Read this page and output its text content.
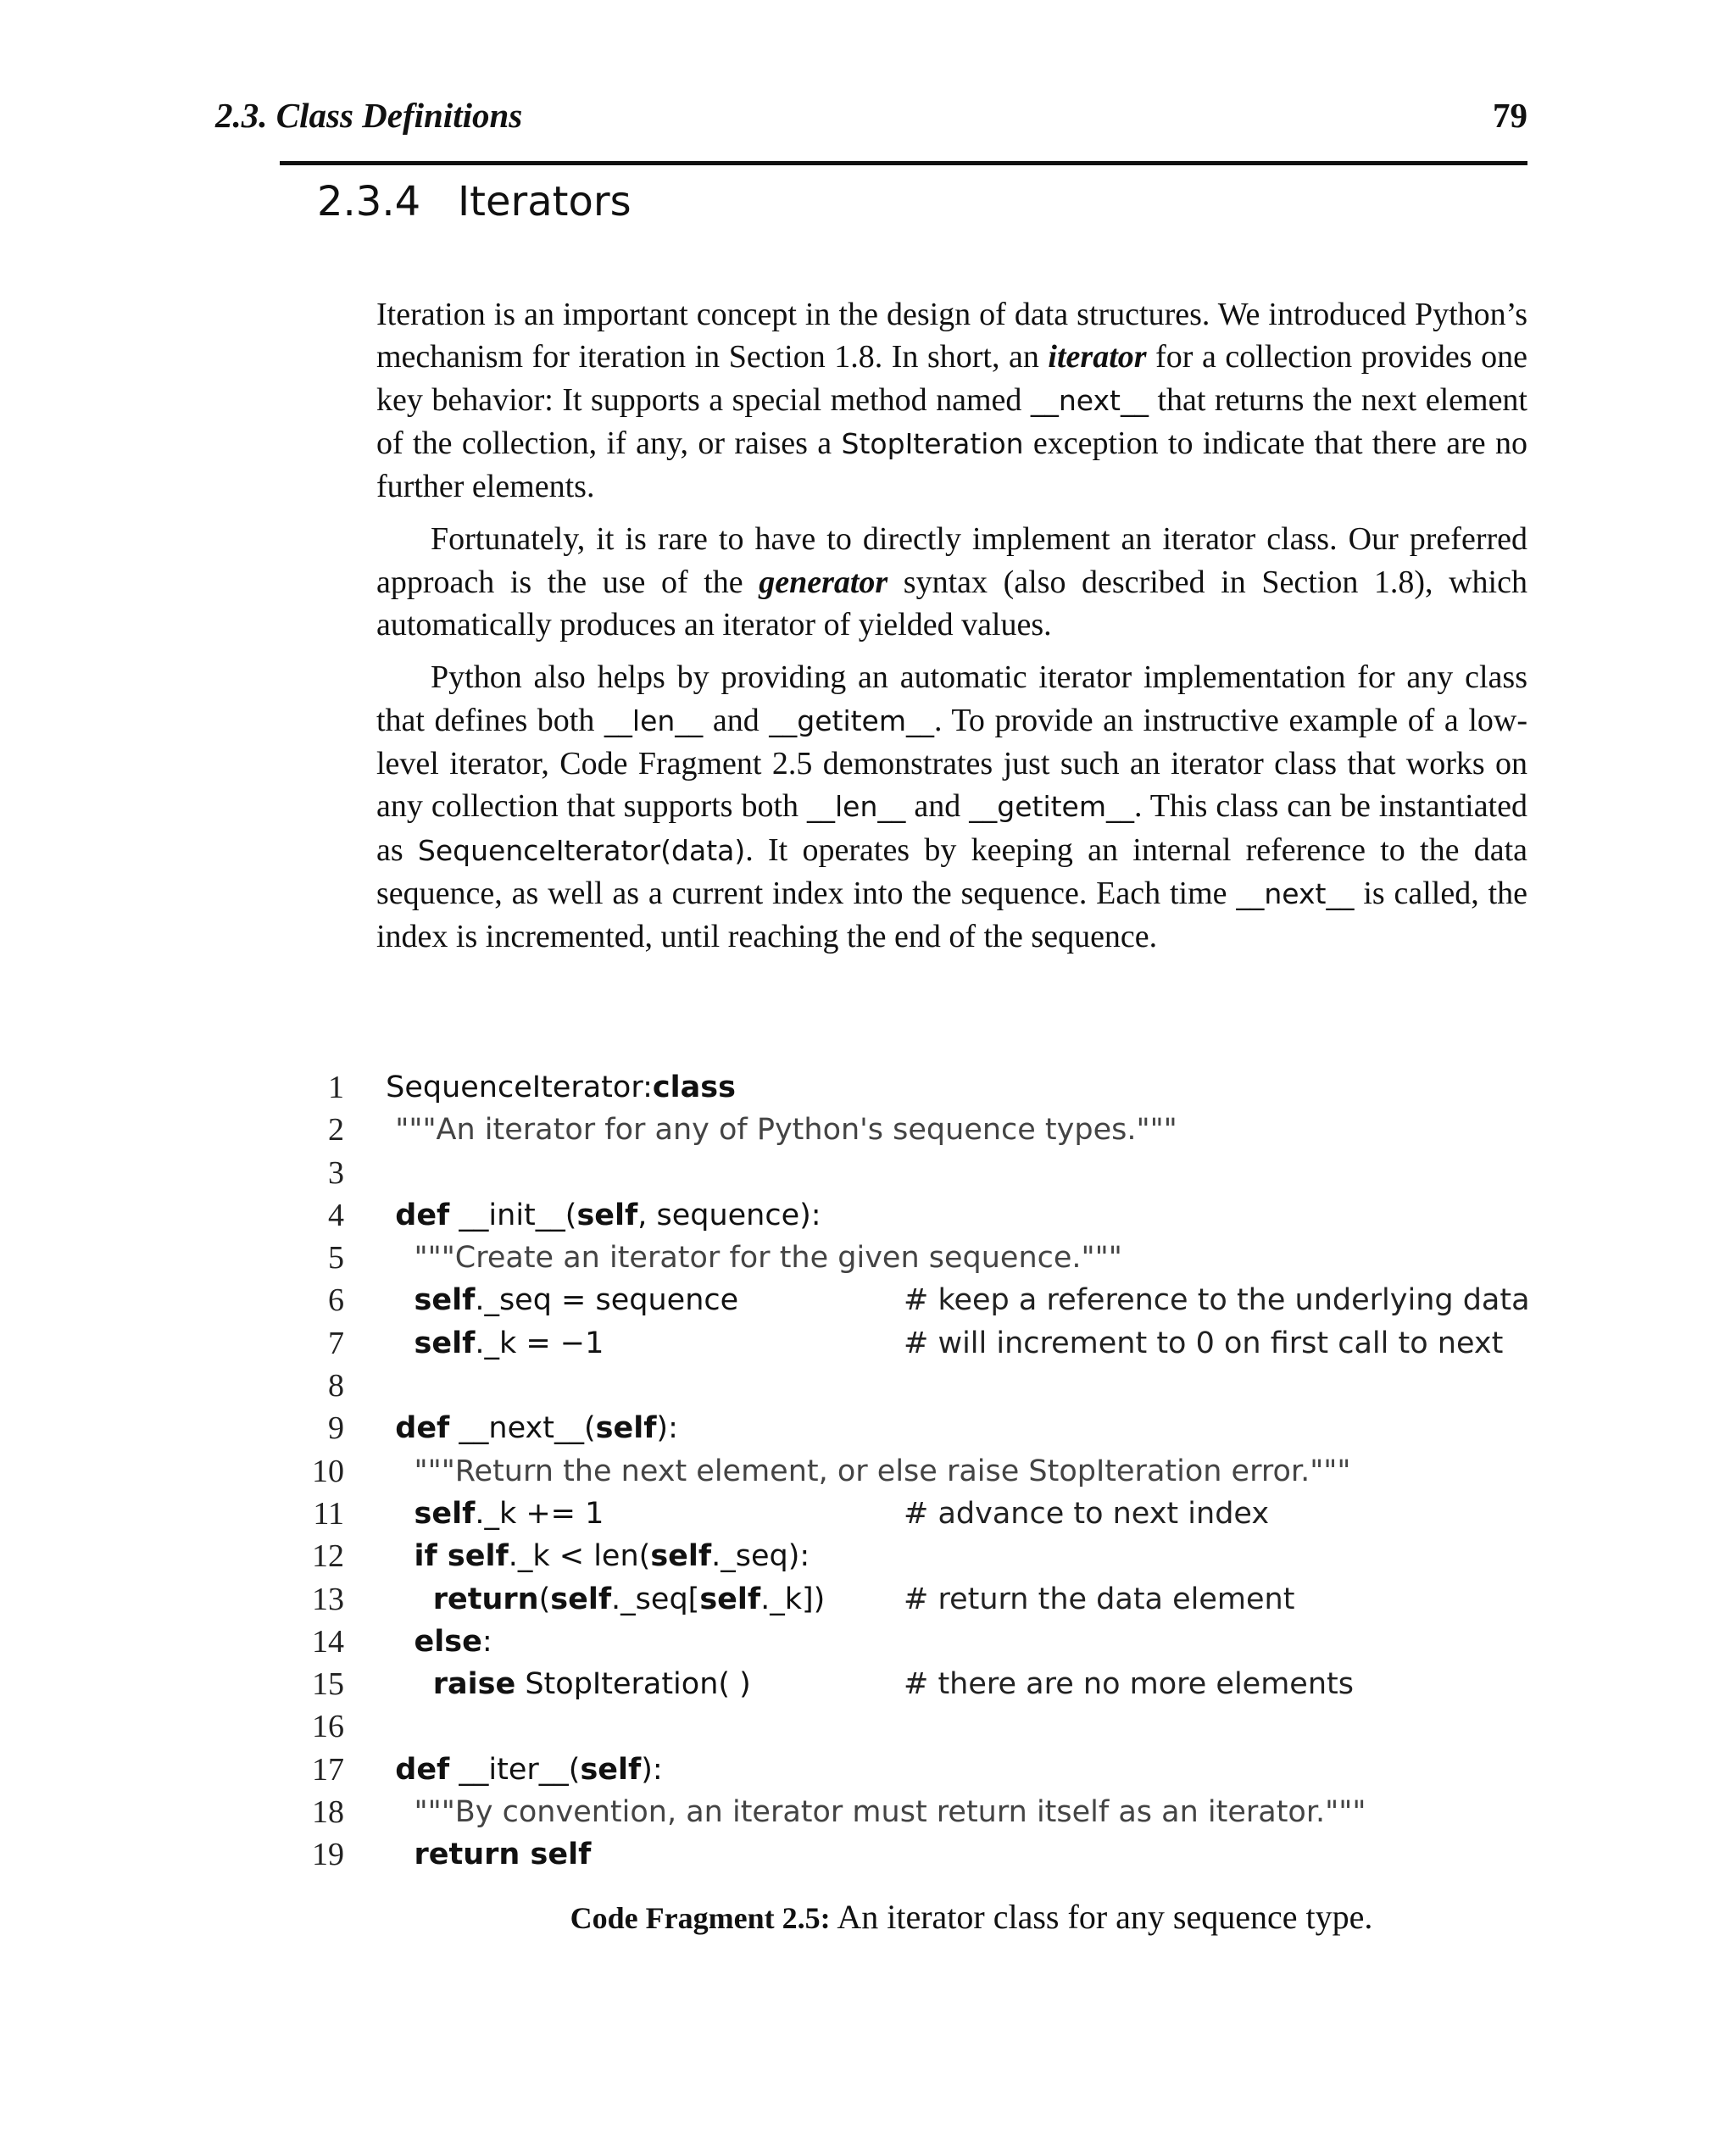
2.3. Class Definitions	79
2.3.4 Iterators

Iteration is an important concept in the design of data structures. We introduced Python’s mechanism for iteration in Section 1.8. In short, an iterator for a collection provides one key behavior: It supports a special method named __next__ that returns the next element of the collection, if any, or raises a StopIteration exception to indicate that there are no further elements.

Fortunately, it is rare to have to directly implement an iterator class. Our preferred approach is the use of the generator syntax (also described in Section 1.8), which automatically produces an iterator of yielded values.

Python also helps by providing an automatic iterator implementation for any class that defines both __len__ and __getitem__. To provide an instructive example of a low-level iterator, Code Fragment 2.5 demonstrates just such an iterator class that works on any collection that supports both __len__ and __getitem__. This class can be instantiated as SequenceIterator(data). It operates by keeping an internal reference to the data sequence, as well as a current index into the sequence. Each time __next__ is called, the index is incremented, until reaching the end of the sequence.

1 SequenceIterator:class
2 """An iterator for any of Python's sequence types."""
3
4	def __init__(self, sequence):
5 """Create an iterator for the given sequence."""
6	self._seq = sequence	# keep a reference to the underlying data
7	self._k = −1	# will increment to 0 on first call to next
8
9	def __next__(self):
10 """Return the next element, or else raise StopIteration error."""
11	self._k += 1	# advance to next index
12	if self._k < len(self._seq):
13	return(self._seq[self._k])	# return the data element
14	else:
15	raise StopIteration( )	# there are no more elements
16
17	def __iter__(self):
18 """By convention, an iterator must return itself as an iterator."""
19	return self
Code Fragment 2.5: An iterator class for any sequence type.
